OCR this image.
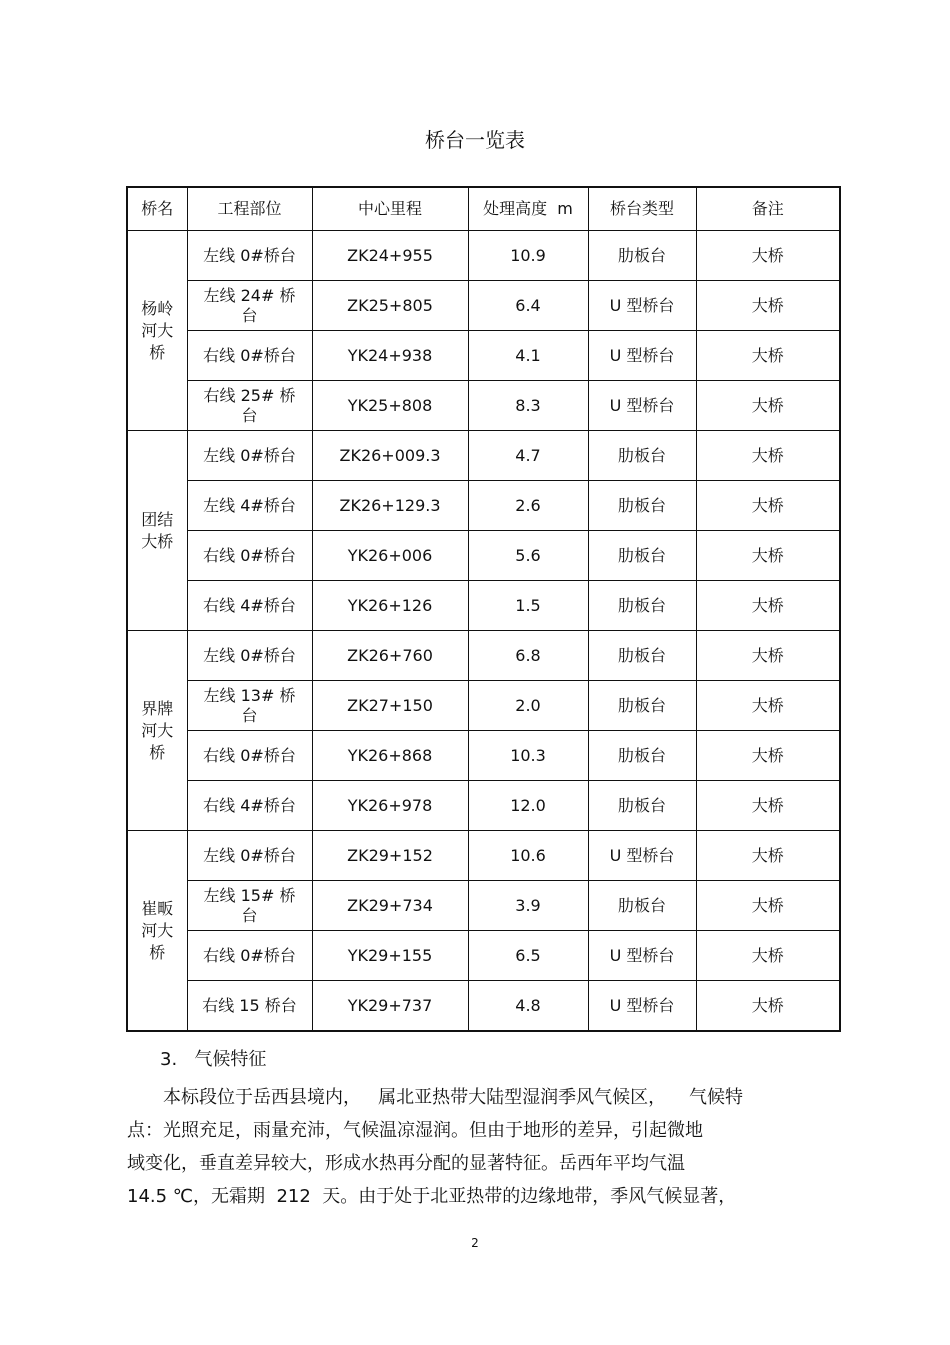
桥台一览表
桥名	工程部位	中心里程	处理高度  m	桥台类型	备注
杨岭
河大
桥	左线 0#桥台	ZK24+955	10.9	肋板台	大桥
	左线 24# 桥
台	ZK25+805	6.4	U 型桥台	大桥
	右线 0#桥台	YK24+938	4.1	U 型桥台	大桥
	右线 25# 桥
台	YK25+808	8.3	U 型桥台	大桥
团结
大桥	左线 0#桥台	ZK26+009.3	4.7	肋板台	大桥
	左线 4#桥台	ZK26+129.3	2.6	肋板台	大桥
	右线 0#桥台	YK26+006	5.6	肋板台	大桥
	右线 4#桥台	YK26+126	1.5	肋板台	大桥
界牌
河大
桥	左线 0#桥台	ZK26+760	6.8	肋板台	大桥
	左线 13# 桥
台	ZK27+150	2.0	肋板台	大桥
	右线 0#桥台	YK26+868	10.3	肋板台	大桥
	右线 4#桥台	YK26+978	12.0	肋板台	大桥
崔畈
河大
桥	左线 0#桥台	ZK29+152	10.6	U 型桥台	大桥
	左线 15# 桥
台	ZK29+734	3.9	肋板台	大桥
	右线 0#桥台	YK29+155	6.5	U 型桥台	大桥
	右线 15 桥台	YK29+737	4.8	U 型桥台	大桥
3.   气候特征
本标段位于岳西县境内，   属北亚热带大陆型湿润季风气候区，    气候特
点：光照充足，雨量充沛，气候温凉湿润。但由于地形的差异，引起微地
域变化，垂直差异较大，形成水热再分配的显著特征。岳西年平均气温
14.5 ℃，无霜期  212  天。由于处于北亚热带的边缘地带，季风气候显著，
2
